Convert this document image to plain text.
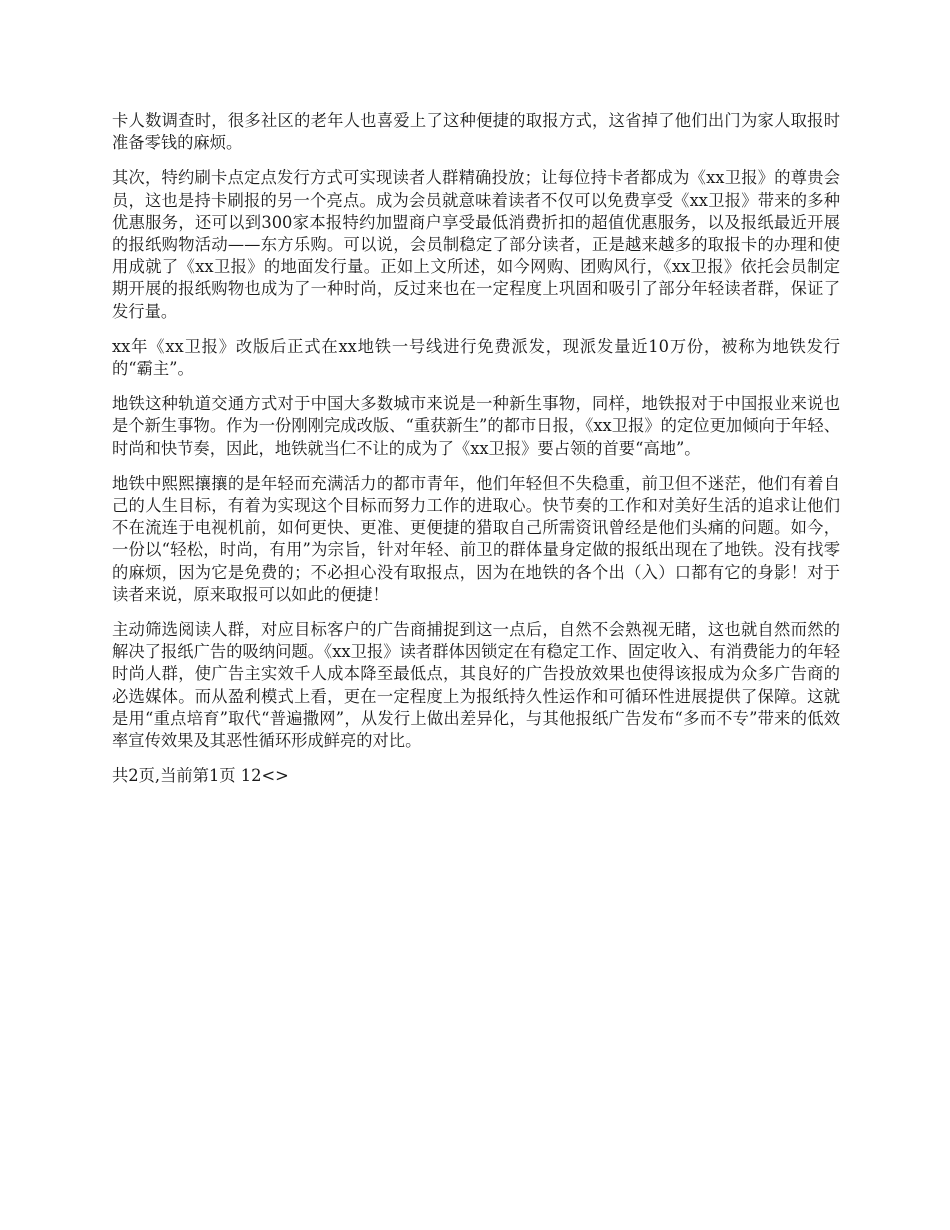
卡人数调查时，很多社区的老年人也喜爱上了这种便捷的取报方式，这省掉了他们出门为家人取报时准备零钱的麻烦。

其次，特约刷卡点定点发行方式可实现读者人群精确投放；让每位持卡者都成为《xx卫报》的尊贵会员，这也是持卡刷报的另一个亮点。成为会员就意味着读者不仅可以免费享受《xx卫报》带来的多种优惠服务，还可以到300家本报特约加盟商户享受最低消费折扣的超值优惠服务，以及报纸最近开展的报纸购物活动——东方乐购。可以说，会员制稳定了部分读者，正是越来越多的取报卡的办理和使用成就了《xx卫报》的地面发行量。正如上文所述，如今网购、团购风行，《xx卫报》依托会员制定期开展的报纸购物也成为了一种时尚，反过来也在一定程度上巩固和吸引了部分年轻读者群，保证了发行量。

xx年《xx卫报》改版后正式在xx地铁一号线进行免费派发，现派发量近10万份，被称为地铁发行的“霸主”。

地铁这种轨道交通方式对于中国大多数城市来说是一种新生事物，同样，地铁报对于中国报业来说也是个新生事物。作为一份刚刚完成改版、“重获新生”的都市日报，《xx卫报》的定位更加倾向于年轻、时尚和快节奏，因此，地铁就当仁不让的成为了《xx卫报》要占领的首要“高地”。

地铁中熙熙攘攘的是年轻而充满活力的都市青年，他们年轻但不失稳重，前卫但不迷茫，他们有着自己的人生目标，有着为实现这个目标而努力工作的进取心。快节奏的工作和对美好生活的追求让他们不在流连于电视机前，如何更快、更准、更便捷的猎取自己所需资讯曾经是他们头痛的问题。如今，一份以“轻松，时尚，有用”为宗旨，针对年轻、前卫的群体量身定做的报纸出现在了地铁。没有找零的麻烦，因为它是免费的；不必担心没有取报点，因为在地铁的各个出（入）口都有它的身影！对于读者来说，原来取报可以如此的便捷！

主动筛选阅读人群，对应目标客户的广告商捕捉到这一点后，自然不会熟视无睹，这也就自然而然的解决了报纸广告的吸纳问题。《xx卫报》读者群体因锁定在有稳定工作、固定收入、有消费能力的年轻时尚人群，使广告主实效千人成本降至最低点，其良好的广告投放效果也使得该报成为众多广告商的必选媒体。而从盈利模式上看，更在一定程度上为报纸持久性运作和可循环性进展提供了保障。这就是用“重点培育”取代“普遍撒网”，从发行上做出差异化，与其他报纸广告发布“多而不专”带来的低效率宣传效果及其恶性循环形成鲜亮的对比。

共2页,当前第1页 12<>
